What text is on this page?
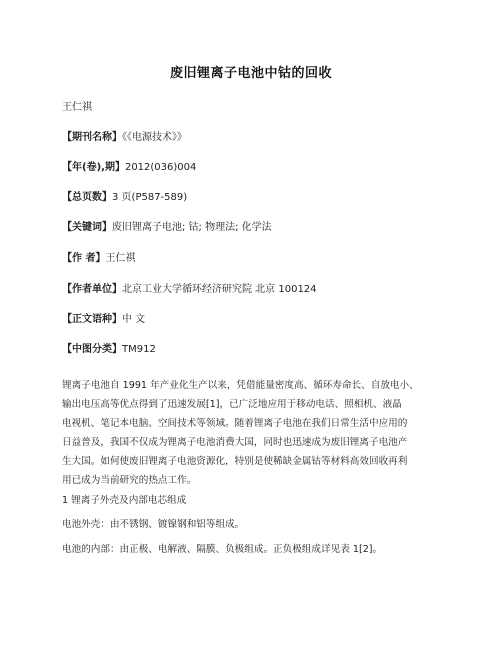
废旧锂离子电池中钴的回收
王仁祺
【期刊名称】《《电源技术》》
【年(卷),期】2012(036)004
【总页数】3 页(P587-589)
【关键词】废旧锂离子电池; 钴; 物理法; 化学法
【作 者】王仁祺
【作者单位】北京工业大学循环经济研究院 北京 100124
【正文语种】中 文
【中图分类】TM912
锂离子电池自 1991 年产业化生产以来，凭借能量密度高、循环寿命长、自放电小、
输出电压高等优点得到了迅速发展[1]，已广泛地应用于移动电话、照相机、液晶
电视机、笔记本电脑、空间技术等领域。随着锂离子电池在我们日常生活中应用的
日益普及，我国不仅成为锂离子电池消费大国，同时也迅速成为废旧锂离子电池产
生大国。如何使废旧锂离子电池资源化，特别是使稀缺金属钴等材料高效回收再利
用已成为当前研究的热点工作。
1 锂离子外壳及内部电芯组成
电池外壳：由不锈钢、镀镍钢和铝等组成。
电池的内部：由正极、电解液、隔膜、负极组成。正负极组成详见表 1[2]。
